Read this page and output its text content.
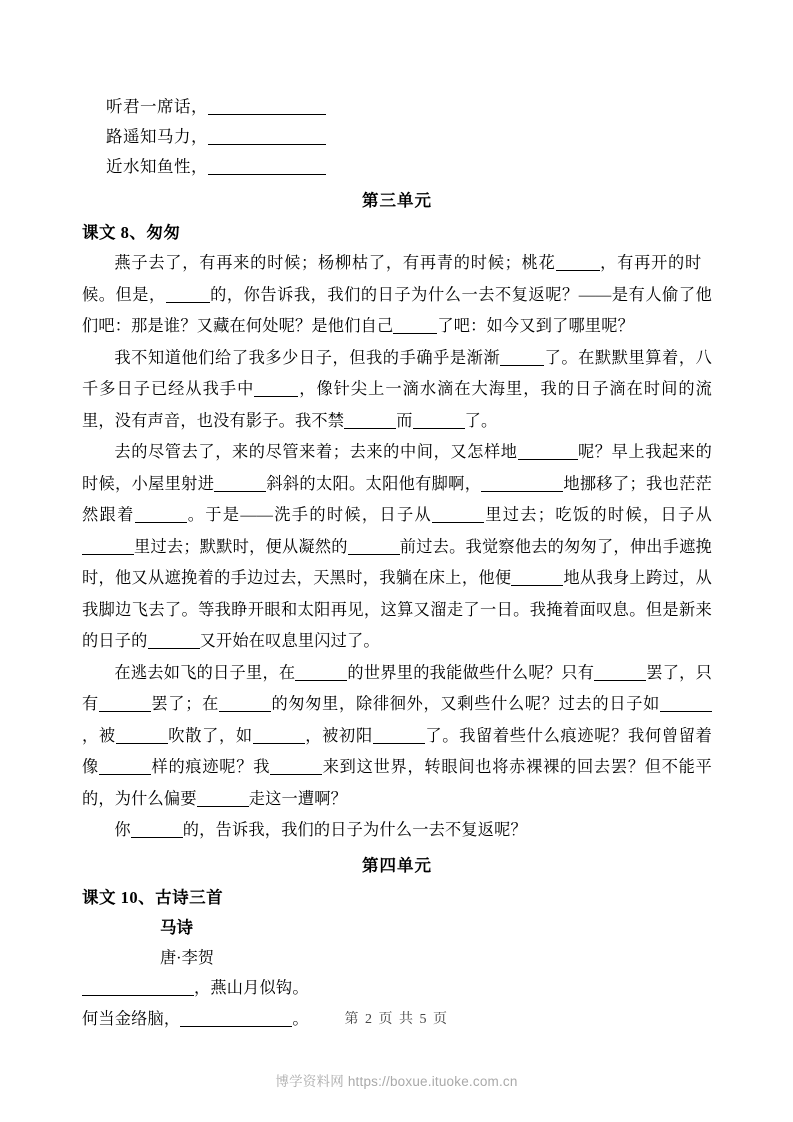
听君一席话，
路遥知马力，
近水知鱼性，
第三单元
课文 8、匆匆

燕子去了，有再来的时候；杨柳枯了，有再青的时候；桃花	，有再开的时候。但是，	的，你告诉我，我们的日子为什么一去不复返呢？——是有人偷了他们吧：那是谁？又藏在何处呢？是他们自己	了吧：如今又到了哪里呢？

我不知道他们给了我多少日子，但我的手确乎是渐渐	了。在默默里算着，八千多日子已经从我手中	，像针尖上一滴水滴在大海里，我的日子滴在时间的流里，没有声音，也没有影子。我不禁	而	了。

去的尽管去了，来的尽管来着；去来的中间，又怎样地	呢？早上我起来的时候，小屋里射进	斜斜的太阳。太阳他有脚啊，	地挪移了；我也茫茫然跟着	。于是——洗手的时候，日子从	里过去；吃饭的时候，日子从里过去；默默时，便从凝然的	前过去。我觉察他去的匆匆了，伸出手遮挽时，他又从遮挽着的手边过去，天黑时，我躺在床上，他便	地从我身上跨过，从我脚边飞去了。等我睁开眼和太阳再见，这算又溜走了一日。我掩着面叹息。但是新来的日子的	又开始在叹息里闪过了。

在逃去如飞的日子里，在	的世界里的我能做些什么呢？只有	罢了，只有	罢了；在	的匆匆里，除徘徊外，又剩些什么呢？过去的日子如，被	吹散了，如	，被初阳	了。我留着些什么痕迹呢？我何曾留着像	样的痕迹呢？我	来到这世界，转眼间也将赤裸裸的回去罢？但不能平的，为什么偏要	走这一遭啊？

你	的，告诉我，我们的日子为什么一去不复返呢？

第四单元
课文 10、古诗三首
马诗
唐·李贺
，燕山月似钩。
何当金络脑，	。	第 2 页 共 5 页
博学资料网 https://boxue.ituoke.com.cn
